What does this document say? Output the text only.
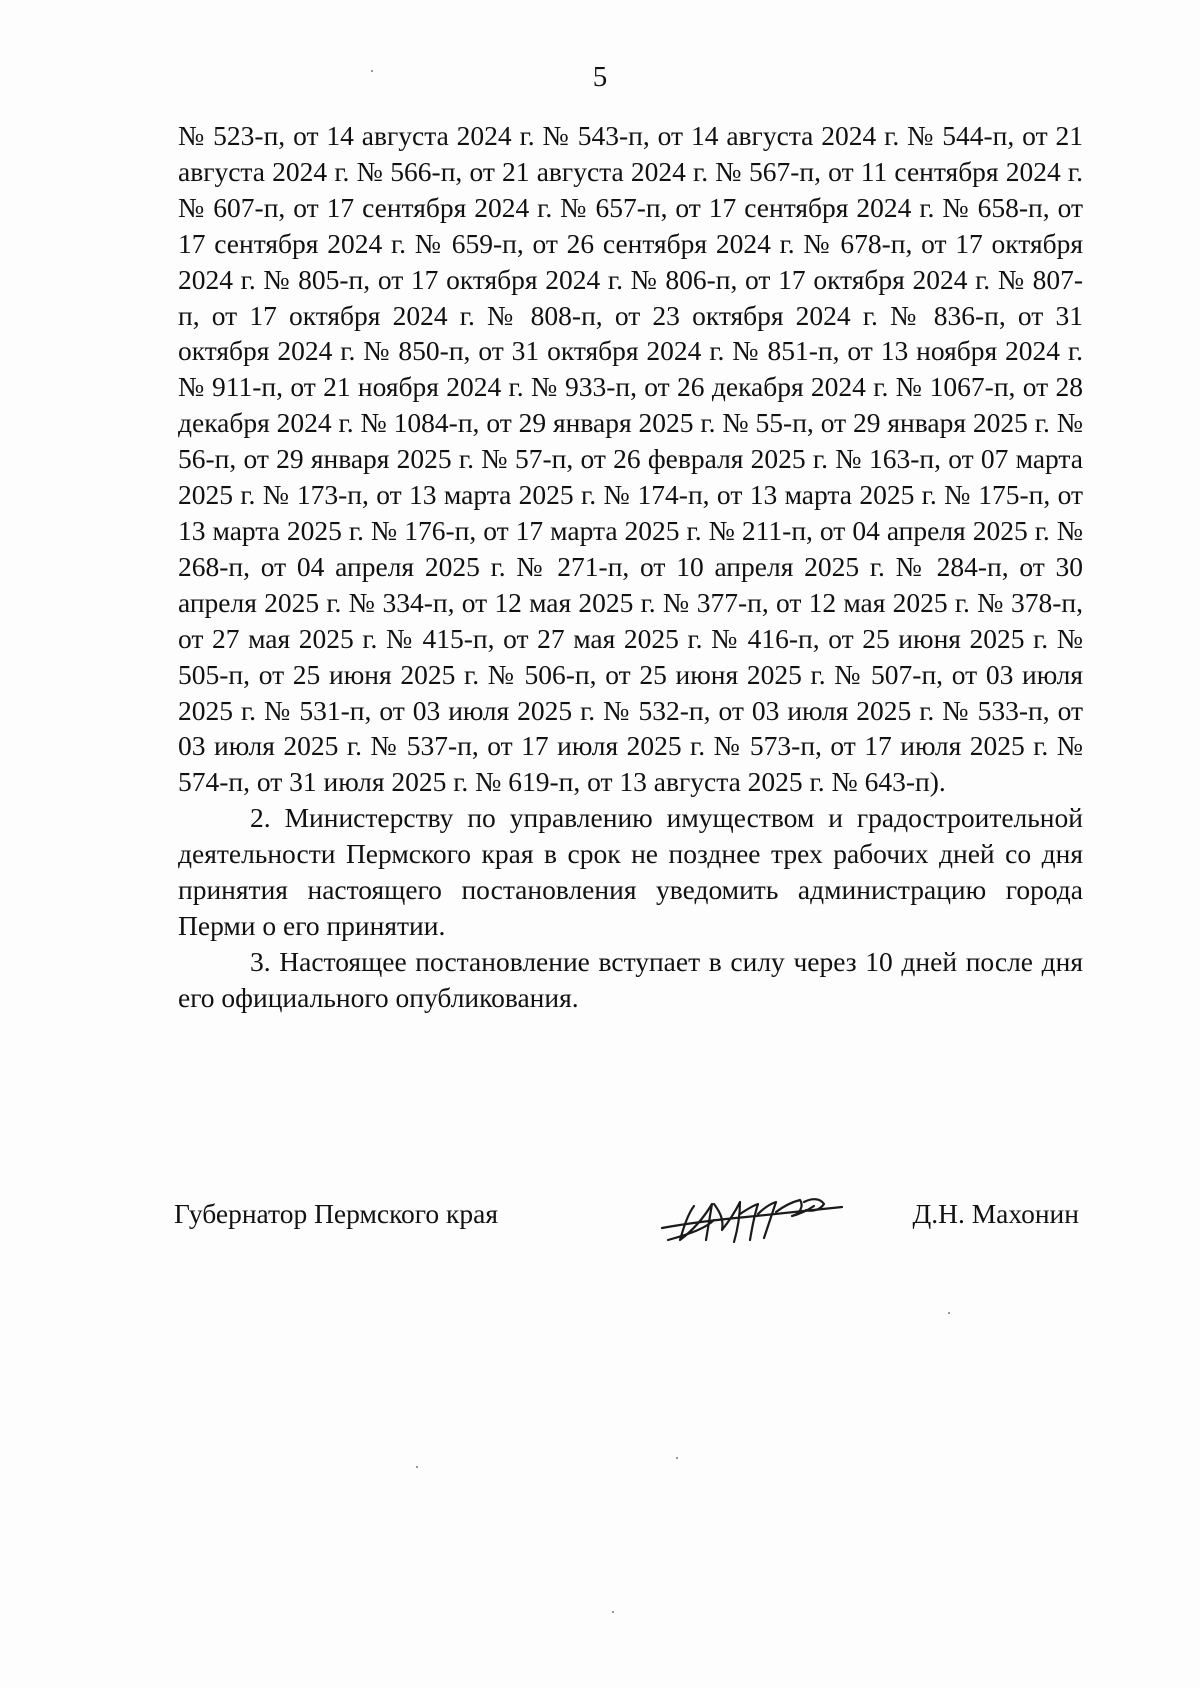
5

№ 523-п, от 14 августа 2024 г. № 543-п, от 14 августа 2024 г. № 544-п, от 21 августа 2024 г. № 566-п, от 21 августа 2024 г. № 567-п, от 11 сентября 2024 г. № 607-п, от 17 сентября 2024 г. № 657-п, от 17 сентября 2024 г. № 658-п, от 17 сентября 2024 г. № 659-п, от 26 сентября 2024 г. № 678-п, от 17 октября 2024 г. № 805-п, от 17 октября 2024 г. № 806-п, от 17 октября 2024 г. № 807-п, от 17 октября 2024 г. № 808-п, от 23 октября 2024 г. № 836-п, от 31 октября 2024 г. № 850-п, от 31 октября 2024 г. № 851-п, от 13 ноября 2024 г. № 911-п, от 21 ноября 2024 г. № 933-п, от 26 декабря 2024 г. № 1067-п, от 28 декабря 2024 г. № 1084-п, от 29 января 2025 г. № 55-п, от 29 января 2025 г. № 56-п, от 29 января 2025 г. № 57-п, от 26 февраля 2025 г. № 163-п, от 07 марта 2025 г. № 173-п, от 13 марта 2025 г. № 174-п, от 13 марта 2025 г. № 175-п, от 13 марта 2025 г. № 176-п, от 17 марта 2025 г. № 211-п, от 04 апреля 2025 г. № 268-п, от 04 апреля 2025 г. № 271-п, от 10 апреля 2025 г. № 284-п, от 30 апреля 2025 г. № 334-п, от 12 мая 2025 г. № 377-п, от 12 мая 2025 г. № 378-п, от 27 мая 2025 г. № 415-п, от 27 мая 2025 г. № 416-п, от 25 июня 2025 г. № 505-п, от 25 июня 2025 г. № 506-п, от 25 июня 2025 г. № 507-п, от 03 июля 2025 г. № 531-п, от 03 июля 2025 г. № 532-п, от 03 июля 2025 г. № 533-п, от 03 июля 2025 г. № 537-п, от 17 июля 2025 г. № 573-п, от 17 июля 2025 г. № 574-п, от 31 июля 2025 г. № 619-п, от 13 августа 2025 г. № 643-п).

2. Министерству по управлению имуществом и градостроительной деятельности Пермского края в срок не позднее трех рабочих дней со дня принятия настоящего постановления уведомить администрацию города Перми о его принятии.

3. Настоящее постановление вступает в силу через 10 дней после дня его официального опубликования.

Губернатор Пермского края	Д.Н. Махонин
